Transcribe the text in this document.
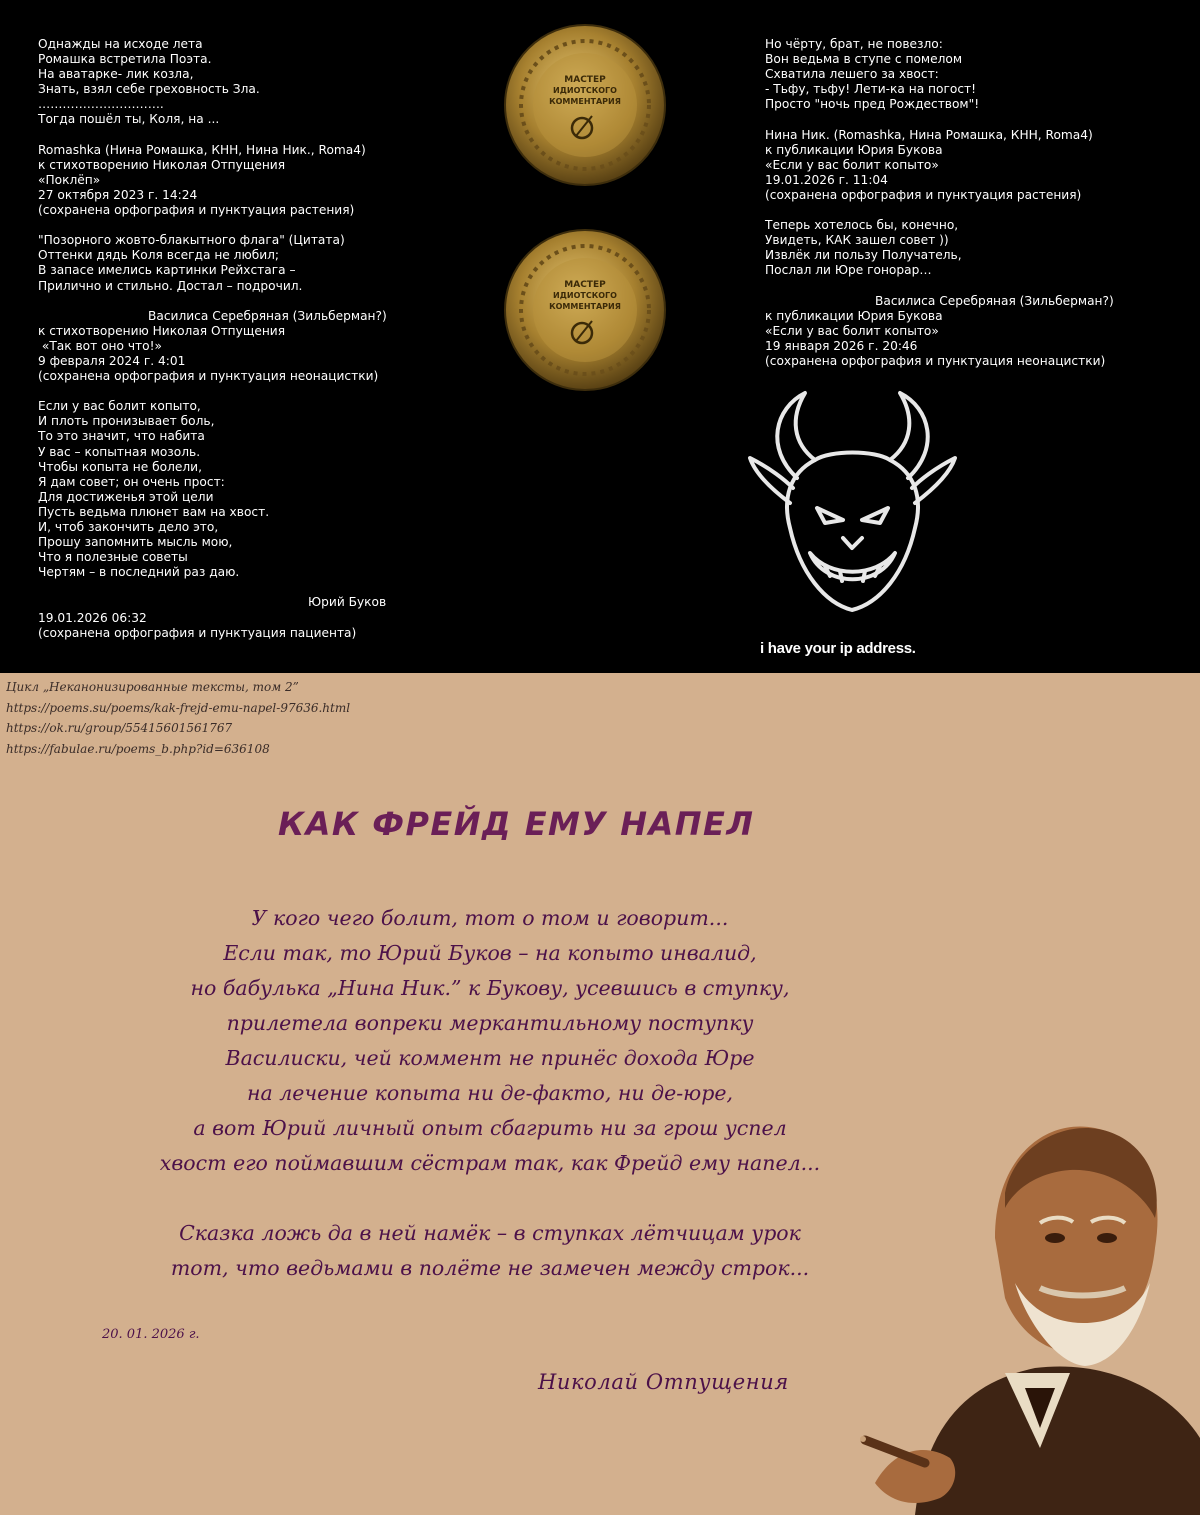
Однажды на исходе лета
Ромашка встретила Поэта.
На аватарке- лик козла,
Знать, взял себе греховность Зла.
………………………….
Тогда пошёл ты, Коля, на ...
Romashka (Нина Ромашка, КНН, Нина Ник., Roma4)
к стихотворению Николая Отпущения
«Поклёп»
27 октября 2023 г. 14:24
(сохранена орфография и пунктуация растения)
"Позорного жовто-блакытного флага" (Цитата)
Оттенки дядь Коля всегда не любил;
В запасе имелись картинки Рейхстага –
Прилично и стильно. Достал – подрочил.
Василиса Серебряная (Зильберман?)
к стихотворению Николая Отпущения
«Так вот оно что!»
9 февраля 2024 г. 4:01
(сохранена орфография и пунктуация неонацистки)
Если у вас болит копыто,
И плоть пронизывает боль,
То это значит, что набита
У вас – копытная мозоль.
Чтобы копыта не болели,
Я дам совет; он очень прост:
Для достиженья этой цели
Пусть ведьма плюнет вам на хвост.
И, чтоб закончить дело это,
Прошу запомнить мысль мою,
Что я полезные советы
Чертям – в последний раз даю.
Юрий Буков
19.01.2026 06:32
(сохранена орфография и пунктуация пациента)
Но чёрту, брат, не повезло:
Вон ведьма в ступе с помелом
Схватила лешего за хвост:
- Тьфу, тьфу! Лети-ка на погост!
Просто "ночь пред Рождеством"!
Нина Ник. (Romashka, Нина Ромашка, КНН, Roma4)
к публикации Юрия Букова
«Если у вас болит копыто»
19.01.2026 г. 11:04
(сохранена орфография и пунктуация растения)
Теперь хотелось бы, конечно,
Увидеть, КАК зашел совет ))
Извлёк ли пользу Получатель,
Послал ли Юре гонорар…
Василиса Серебряная (Зильберман?)
к публикации Юрия Букова
«Если у вас болит копыто»
19 января 2026 г. 20:46
(сохранена орфография и пунктуация неонацистки)
МАСТЕР
ИДИОТСКОГО
КОММЕНТАРИЯ
МАСТЕР
ИДИОТСКОГО
КОММЕНТАРИЯ
i have your ip address.
Цикл „Неканонизированные тексты, том 2”
https://poems.su/poems/kak-frejd-emu-napel-97636.html
https://ok.ru/group/55415601561767
https://fabulae.ru/poems_b.php?id=636108
КАК ФРЕЙД ЕМУ НАПЕЛ
У кого чего болит, тот о том и говорит...
Если так, то Юрий Буков – на копыто инвалид,
но бабулька „Нина Ник.” к Букову, усевшись в ступку,
прилетела вопреки меркантильному поступку
Василиски, чей коммент не принёс дохода Юре
на лечение копыта ни де-факто, ни де-юре,
а вот Юрий личный опыт сбагрить ни за грош успел
хвост его поймавшим сёстрам так, как Фрейд ему напел...
Сказка ложь да в ней намёк – в ступках лётчицам урок
тот, что ведьмами в полёте не замечен между строк...
20. 01. 2026 г.
Николай Отпущения
